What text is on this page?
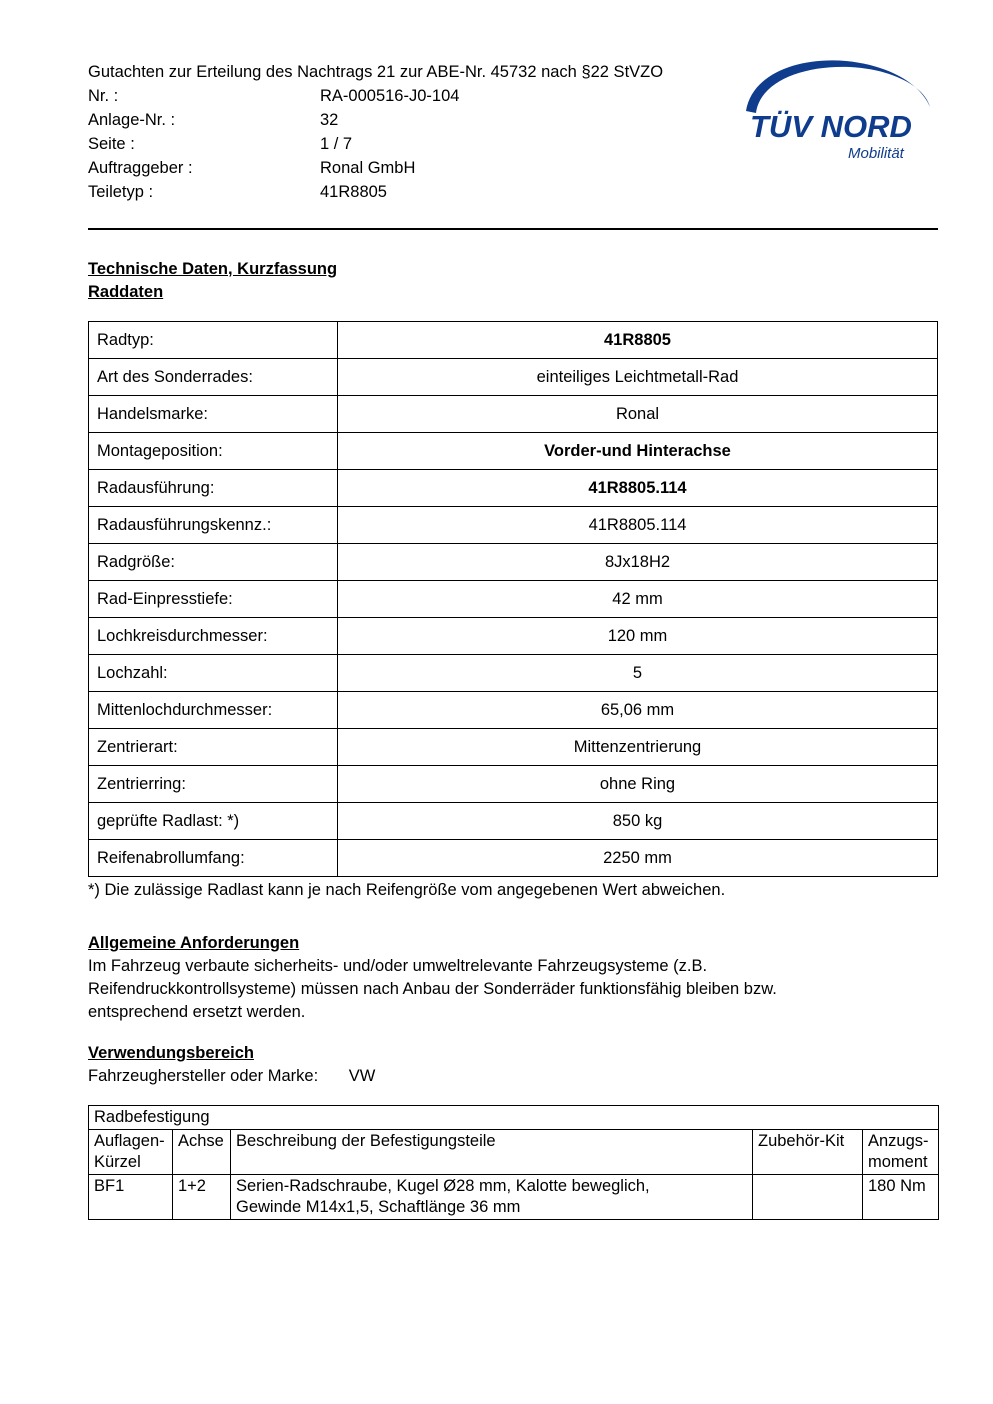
Gutachten zur Erteilung des Nachtrags 21 zur ABE-Nr. 45732 nach §22 StVZO
Nr. :	RA-000516-J0-104
Anlage-Nr. :	32
Seite :	1 / 7
Auftraggeber :	Ronal GmbH
Teiletyp :	41R8805
TÜV NORD
Mobilität
Technische Daten, Kurzfassung
Raddaten
Radtyp:	41R8805
Art des Sonderrades:	einteiliges Leichtmetall-Rad
Handelsmarke:	Ronal
Montageposition:	Vorder-und Hinterachse
Radausführung:	41R8805.114
Radausführungskennz.:	41R8805.114
Radgröße:	8Jx18H2
Rad-Einpresstiefe:	42 mm
Lochkreisdurchmesser:	120 mm
Lochzahl:	5
Mittenlochdurchmesser:	65,06 mm
Zentrierart:	Mittenzentrierung
Zentrierring:	ohne Ring
geprüfte Radlast: *)	850 kg
Reifenabrollumfang:	2250 mm

*) Die zulässige Radlast kann je nach Reifengröße vom angegebenen Wert abweichen.

Allgemeine Anforderungen

Im Fahrzeug verbaute sicherheits- und/oder umweltrelevante Fahrzeugsysteme (z.B.

Reifendruckkontrollsysteme) müssen nach Anbau der Sonderräder funktionsfähig bleiben bzw.

entsprechend ersetzt werden.

Verwendungsbereich

Fahrzeughersteller oder Marke: VW

Radbefestigung				
Auflagen-
Kürzel	Achse	Beschreibung der Befestigungsteile	Zubehör-Kit	Anzugs-
moment
BF1	1+2	Serien-Radschraube, Kugel Ø28 mm, Kalotte beweglich,
Gewinde M14x1,5, Schaftlänge 36 mm		180 Nm
